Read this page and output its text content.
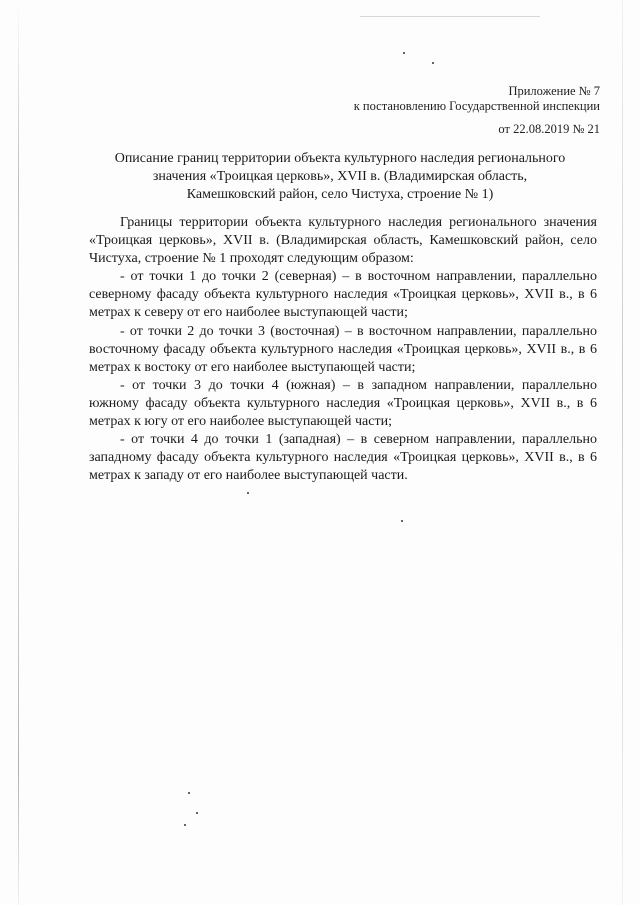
Приложение № 7
к постановлению Государственной инспекции
от 22.08.2019 № 21
Описание границ территории объекта культурного наследия регионального
значения «Троицкая церковь», XVII в. (Владимирская область,
Камешковский район, село Чистуха, строение № 1)

Границы территории объекта культурного наследия регионального значения «Троицкая церковь», XVII в. (Владимирская область, Камешковский район, село Чистуха, строение № 1 проходят следующим образом:

- от точки 1 до точки 2 (северная) – в восточном направлении, параллельно северному фасаду объекта культурного наследия «Троицкая церковь», XVII в., в 6 метрах к северу от его наиболее выступающей части;

- от точки 2 до точки 3 (восточная) – в восточном направлении, параллельно восточному фасаду объекта культурного наследия «Троицкая церковь», XVII в., в 6 метрах к востоку от его наиболее выступающей части;

- от точки 3 до точки 4 (южная) – в западном направлении, параллельно южному фасаду объекта культурного наследия «Троицкая церковь», XVII в., в 6 метрах к югу от его наиболее выступающей части;

- от точки 4 до точки 1 (западная) – в северном направлении, параллельно западному фасаду объекта культурного наследия «Троицкая церковь», XVII в., в 6 метрах к западу от его наиболее выступающей части.
